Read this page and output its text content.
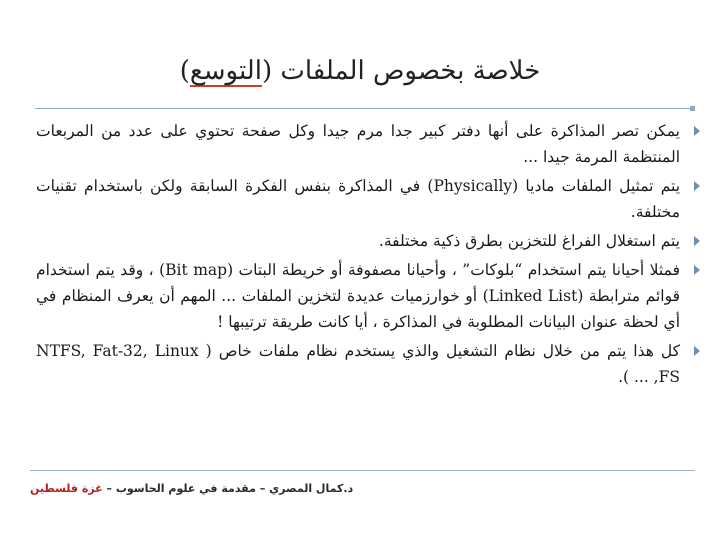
خلاصة بخصوص الملفات (
التوسع
)
يمكن تصر المذاكرة على أنها دفتر كبير جدا مرم جيدا وكل صفحة تحتوي على عدد من المربعات المنتظمة المرمة جيدا ...
يتم تمثيل الملفات ماديا (Physically) في المذاكرة بنفس الفكرة السابقة ولكن باستخدام تقنيات مختلفة.
يتم استغلال الفراغ للتخزين بطرق ذكية مختلفة.
فمثلا أحيانا يتم استخدام “بلوكات” ، وأحيانا مصفوفة أو خريطة البتات (Bit map) ، وقد يتم استخدام قوائم مترابطة (Linked List) أو خوارزميات عديدة لتخزين الملفات ... المهم أن يعرف المنظام في أي لحظة عنوان البيانات المطلوبة في المذاكرة ، أيا كانت طريقة ترتيبها !
كل هذا يتم من خلال نظام التشغيل والذي يستخدم نظام ملفات خاص ( NTFS, Fat-32, Linux FS, ... ).
د.كمال المصري – مقدمة في علوم الحاسوب – غزة فلسطين
